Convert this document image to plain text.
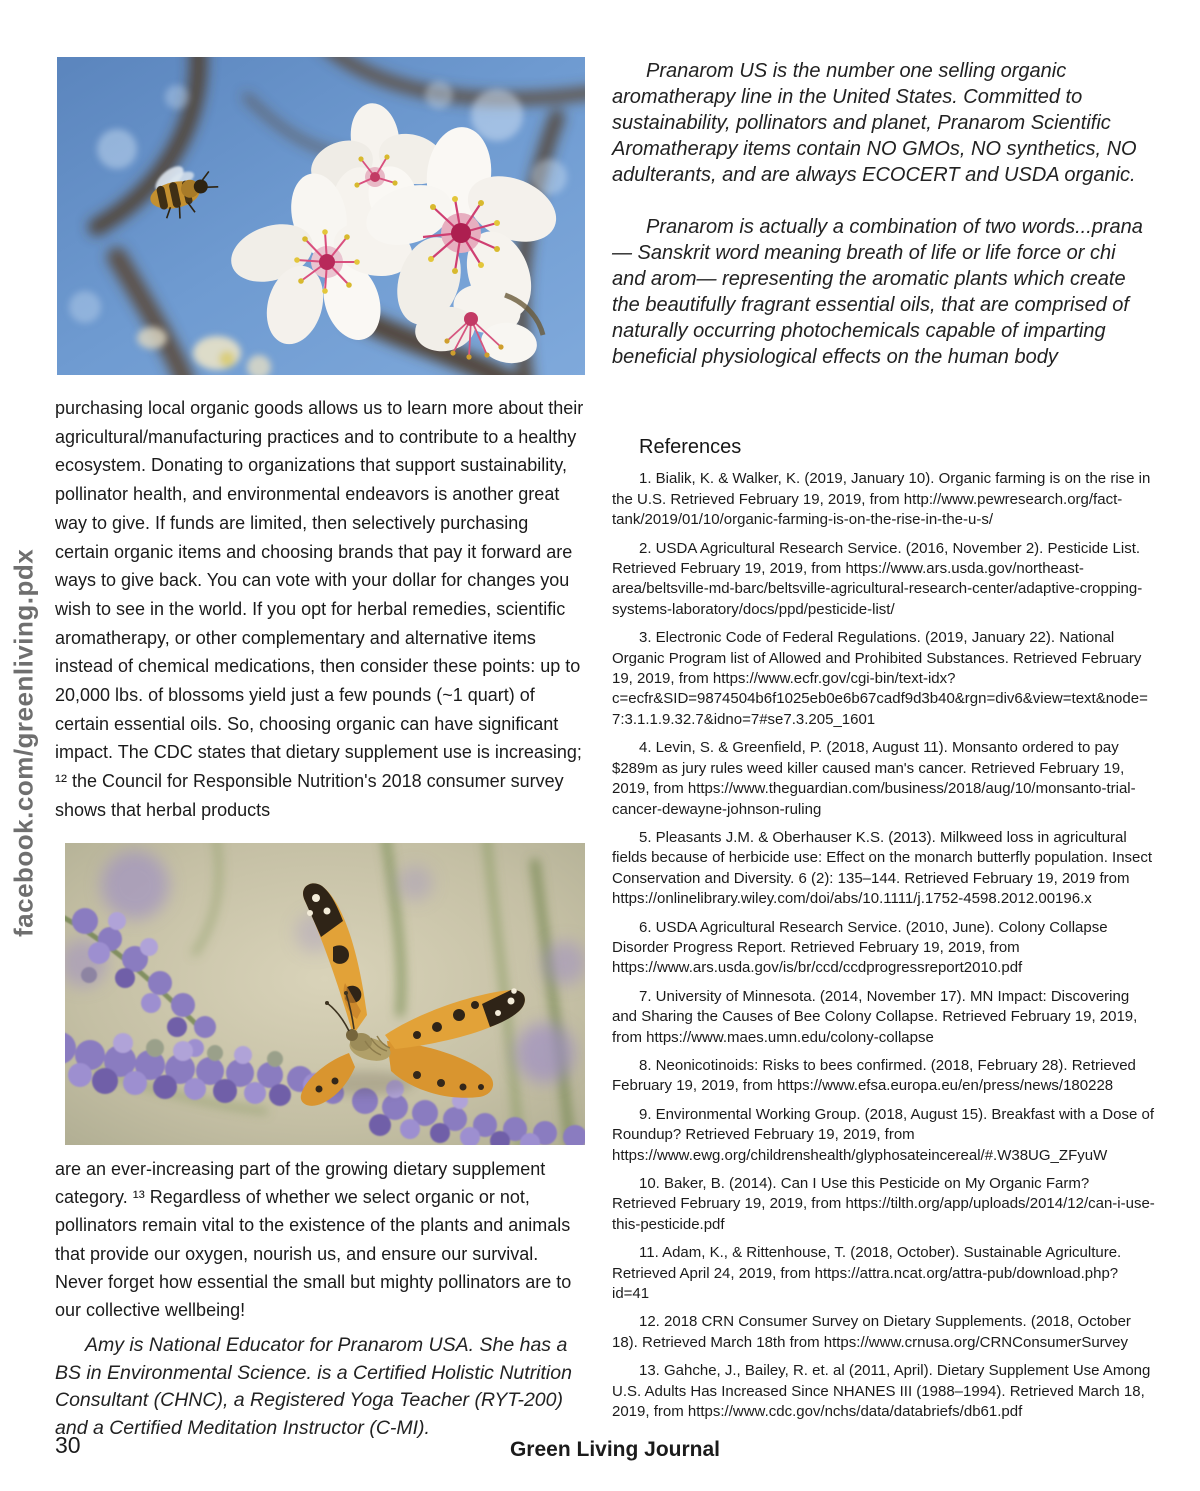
Pranarom US is the number one selling organic aromatherapy line in the United States. Committed to sustainability, pollinators and planet, Pranarom Scientific Aromatherapy items contain NO GMOs, NO synthetics, NO adulterants, and are always ECOCERT and USDA organic.

Pranarom is actually a combination of two words...prana— Sanskrit word meaning breath of life or life force or chi and arom— representing the aromatic plants which create the beautifully fragrant essential oils, that are comprised of naturally occurring photochemicals capable of imparting beneficial physiological effects on the human body

purchasing local organic goods allows us to learn more about their agricultural/manufacturing practices and to contribute to a healthy ecosystem. Donating to organizations that support sustainability, pollinator health, and environmental endeavors is another great way to give. If funds are limited, then selectively purchasing certain organic items and choosing brands that pay it forward are ways to give back. You can vote with your dollar for changes you wish to see in the world. If you opt for herbal remedies, scientific aromatherapy, or other complementary and alternative items instead of chemical medications, then consider these points: up to 20,000 lbs. of blossoms yield just a few pounds (~1 quart) of certain essential oils. So, choosing organic can have significant impact. The CDC states that dietary supplement use is increasing; ¹² the Council for Responsible Nutrition's 2018 consumer survey shows that herbal products

facebook.com/greenliving.pdx

are an ever-increasing part of the growing dietary supplement category. ¹³ Regardless of whether we select organic or not, pollinators remain vital to the existence of the plants and animals that provide our oxygen, nourish us, and ensure our survival. Never forget how essential the small but mighty pollinators are to our collective wellbeing!

Amy is National Educator for Pranarom USA. She has a BS in Environmental Science. is a Certified Holistic Nutrition Consultant (CHNC), a Registered Yoga Teacher (RYT-200) and a Certified Meditation Instructor (C-MI).

References

1. Bialik, K. & Walker, K. (2019, January 10). Organic farming is on the rise in the U.S. Retrieved February 19, 2019, from http://www.pewresearch.org/fact-tank/2019/01/10/organic-farming-is-on-the-rise-in-the-u-s/

2. USDA Agricultural Research Service. (2016, November 2). Pesticide List. Retrieved February 19, 2019, from https://www.ars.usda.gov/northeast-area/beltsville-md-barc/beltsville-agricultural-research-center/adaptive-cropping-systems-laboratory/docs/ppd/pesticide-list/

3. Electronic Code of Federal Regulations. (2019, January 22). National Organic Program list of Allowed and Prohibited Substances. Retrieved February 19, 2019, from https://www.ecfr.gov/cgi-bin/text-idx?c=ecfr&SID=9874504b6f1025eb0e6b67cadf9d3b40&rgn=div6&view=text&node=7:3.1.1.9.32.7&idno=7#se7.3.205_1601

4. Levin, S. & Greenfield, P. (2018, August 11). Monsanto ordered to pay $289m as jury rules weed killer caused man's cancer. Retrieved February 19, 2019, from https://www.theguardian.com/business/2018/aug/10/monsanto-trial-cancer-dewayne-johnson-ruling

5. Pleasants J.M. & Oberhauser K.S. (2013). Milkweed loss in agricultural fields because of herbicide use: Effect on the monarch butterfly population. Insect Conservation and Diversity. 6 (2): 135–144. Retrieved February 19, 2019 from https://onlinelibrary.wiley.com/doi/abs/10.1111/j.1752-4598.2012.00196.x

6. USDA Agricultural Research Service. (2010, June). Colony Collapse Disorder Progress Report. Retrieved February 19, 2019, from https://www.ars.usda.gov/is/br/ccd/ccdprogressreport2010.pdf

7. University of Minnesota. (2014, November 17). MN Impact: Discovering and Sharing the Causes of Bee Colony Collapse. Retrieved February 19, 2019, from https://www.maes.umn.edu/colony-collapse

8. Neonicotinoids: Risks to bees confirmed. (2018, February 28). Retrieved February 19, 2019, from https://www.efsa.europa.eu/en/press/news/180228

9. Environmental Working Group. (2018, August 15). Breakfast with a Dose of Roundup? Retrieved February 19, 2019, from https://www.ewg.org/childrenshealth/glyphosateincereal/#.W38UG_ZFyuW

10. Baker, B. (2014). Can I Use this Pesticide on My Organic Farm? Retrieved February 19, 2019, from https://tilth.org/app/uploads/2014/12/can-i-use-this-pesticide.pdf

11. Adam, K., & Rittenhouse, T. (2018, October). Sustainable Agriculture. Retrieved April 24, 2019, from https://attra.ncat.org/attra-pub/download.php?id=41

12. 2018 CRN Consumer Survey on Dietary Supplements. (2018, October 18). Retrieved March 18th from https://www.crnusa.org/CRNConsumerSurvey

13. Gahche, J., Bailey, R. et. al (2011, April). Dietary Supplement Use Among U.S. Adults Has Increased Since NHANES III (1988–1994). Retrieved March 18, 2019, from https://www.cdc.gov/nchs/data/databriefs/db61.pdf

30	Green Living Journal
